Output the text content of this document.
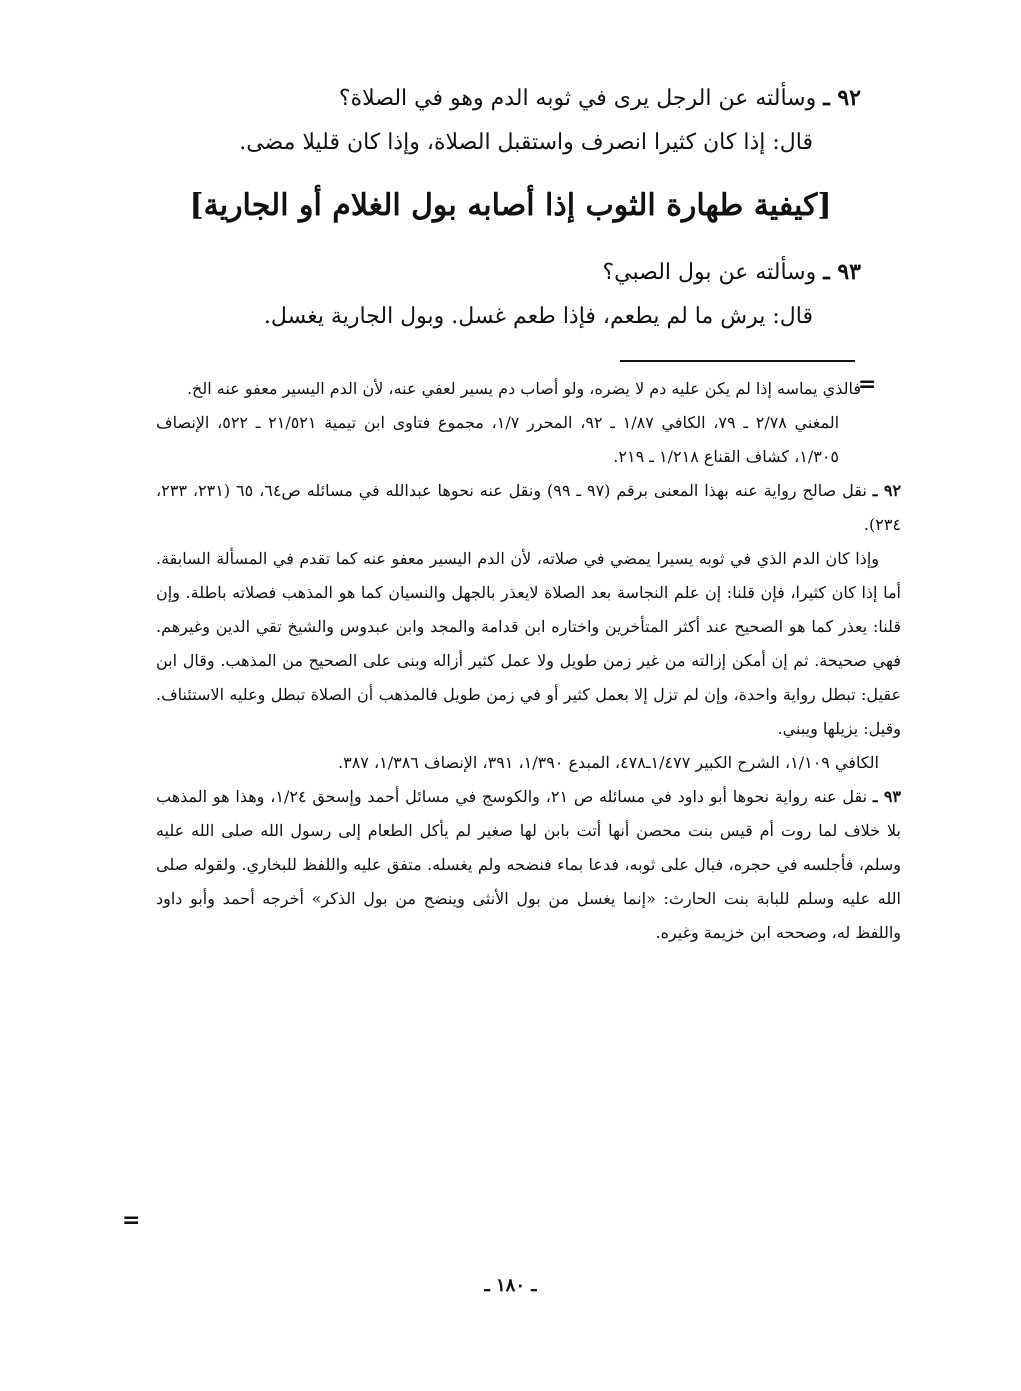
٩٢ ـ وسألته عن الرجل يرى في ثوبه الدم وهو في الصلاة؟
قال: إذا كان كثيرا انصرف واستقبل الصلاة، وإذا كان قليلا مضى.
[كيفية طهارة الثوب إذا أصابه بول الغلام أو الجارية]
٩٣ ـ وسألته عن بول الصبي؟
قال: يرش ما لم يطعم، فإذا طعم غسل. وبول الجارية يغسل.
=
فالذي يماسه إذا لم يكن عليه دم لا يضره، ولو أصاب دم يسير لعفي عنه، لأن الدم اليسير معفو عنه الخ.
المغني ٢/٧٨ ـ ٧٩، الكافي ١/٨٧ ـ ٩٢، المحرر ١/٧، مجموع فتاوى ابن تيمية ٢١/٥٢١ ـ ٥٢٢، الإنصاف ١/٣٠٥، كشاف القناع ١/٢١٨ ـ ٢١٩.
٩٢ ـ نقل صالح رواية عنه بهذا المعنى برقم (٩٧ ـ ٩٩) ونقل عنه نحوها عبدالله في مسائله ص٦٤، ٦٥ (٢٣١، ٢٣٣، ٢٣٤).
وإذا كان الدم الذي في ثوبه يسيرا يمضي في صلاته، لأن الدم اليسير معفو عنه كما تقدم في المسألة السابقة. أما إذا كان كثيرا، فإن قلنا: إن علم النجاسة بعد الصلاة لايعذر بالجهل والنسيان كما هو المذهب فصلاته باطلة. وإن قلنا: يعذر كما هو الصحيح عند أكثر المتأخرين واختاره ابن قدامة والمجد وابن عبدوس والشيخ تقي الدين وغيرهم. فهي صحيحة. ثم إن أمكن إزالته من غير زمن طويل ولا عمل كثير أزاله وبنى على الصحيح من المذهب. وقال ابن عقيل: تبطل رواية واحدة، وإن لم تزل إلا بعمل كثير أو في زمن طويل فالمذهب أن الصلاة تبطل وعليه الاستئناف. وقيل: يزيلها ويبني.
الكافي ١/١٠٩، الشرح الكبير ١/٤٧٧ـ٤٧٨، المبدع ١/٣٩٠، ٣٩١، الإنصاف ١/٣٨٦، ٣٨٧.
٩٣ ـ نقل عنه رواية نحوها أبو داود في مسائله ص ٢١، والكوسج في مسائل أحمد وإسحق ١/٢٤، وهذا هو المذهب بلا خلاف لما روت أم قيس بنت محصن أنها أتت بابن لها صغير لم يأكل الطعام إلى رسول الله صلى الله عليه وسلم، فأجلسه في حجره، فبال على ثوبه، فدعا بماء فنضحه ولم يغسله. متفق عليه واللفظ للبخاري. ولقوله صلى الله عليه وسلم للبابة بنت الحارث: «إنما يغسل من بول الأنثى وينضح من بول الذكر» أخرجه أحمد وأبو داود واللفظ له، وصححه ابن خزيمة وغيره.
=
ـ ١٨٠ ـ
